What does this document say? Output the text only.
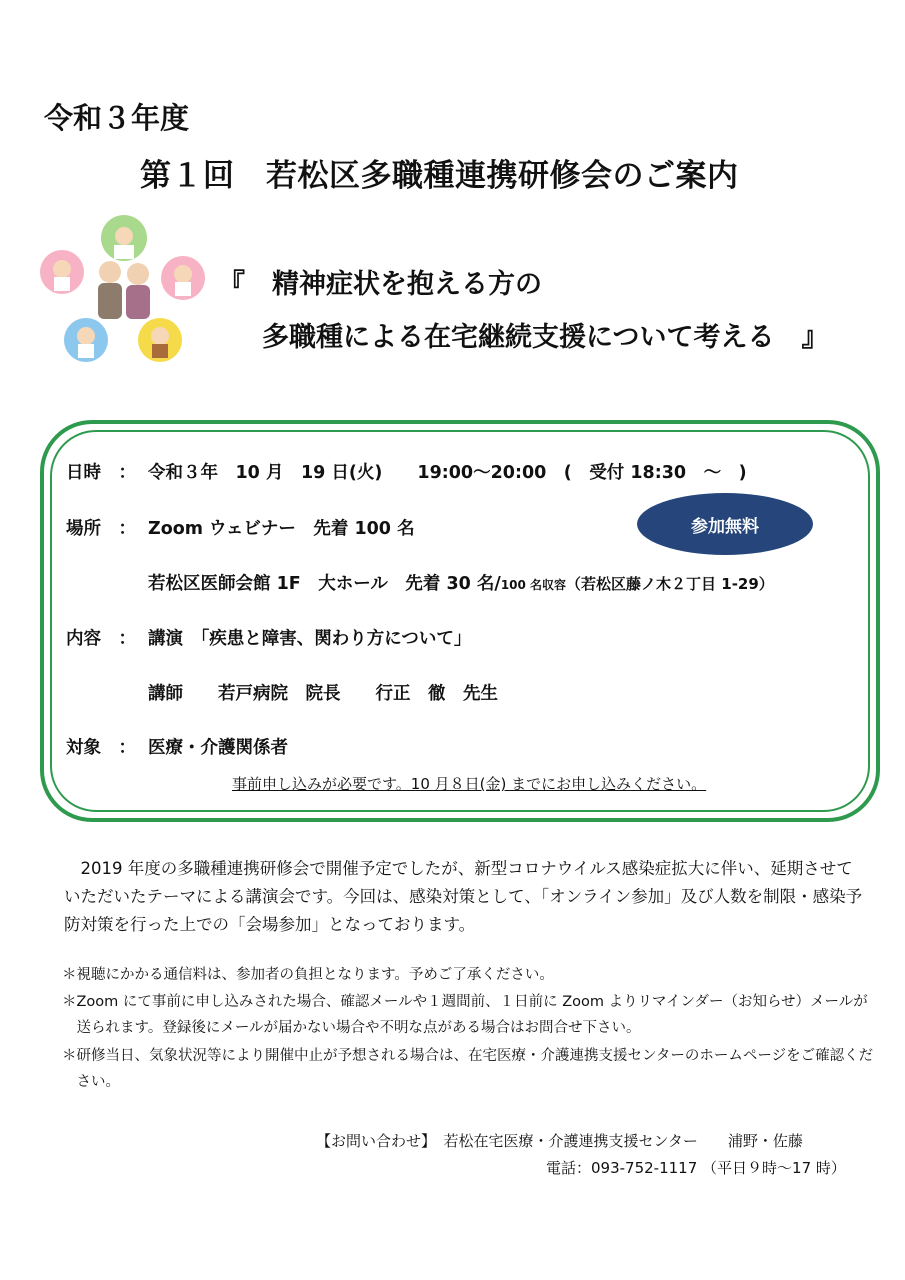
令和３年度
第１回　若松区多職種連携研修会のご案内
『　精神症状を抱える方の
多職種による在宅継続支援について考える　』
日時　： 令和３年　10 月　19 日(火)　　19:00～20:00　(　受付 18:30　～　)
場所　： Zoom ウェビナー　先着 100 名	参加無料
若松区医師会館 1F　大ホール　先着 30 名/100 名収容（若松区藤ノ木２丁目 1-29）
内容　： 講演　「疾患と障害、関わり方について」
講師　　若戸病院　院長　　行正　徹　先生
対象　： 医療・介護関係者
事前申し込みが必要です。10 月８日(金) までにお申し込みください。

2019 年度の多職種連携研修会で開催予定でしたが、新型コロナウイルス感染症拡大に伴い、延期させていただいたテーマによる講演会です。今回は、感染対策として、「オンライン参加」及び人数を制限・感染予防対策を行った上での「会場参加」となっております。

＊視聴にかかる通信料は、参加者の負担となります。予めご了承ください。
＊Zoom にて事前に申し込みされた場合、確認メールや１週間前、１日前に Zoom よりリマインダー（お知らせ）メールが送られます。登録後にメールが届かない場合や不明な点がある場合はお問合せ下さい。
＊研修当日、気象状況等により開催中止が予想される場合は、在宅医療・介護連携支援センターのホームページをご確認ください。
【お問い合わせ】　若松在宅医療・介護連携支援センター　　浦野・佐藤
電話：093-752-1117 （平日９時～17 時）
